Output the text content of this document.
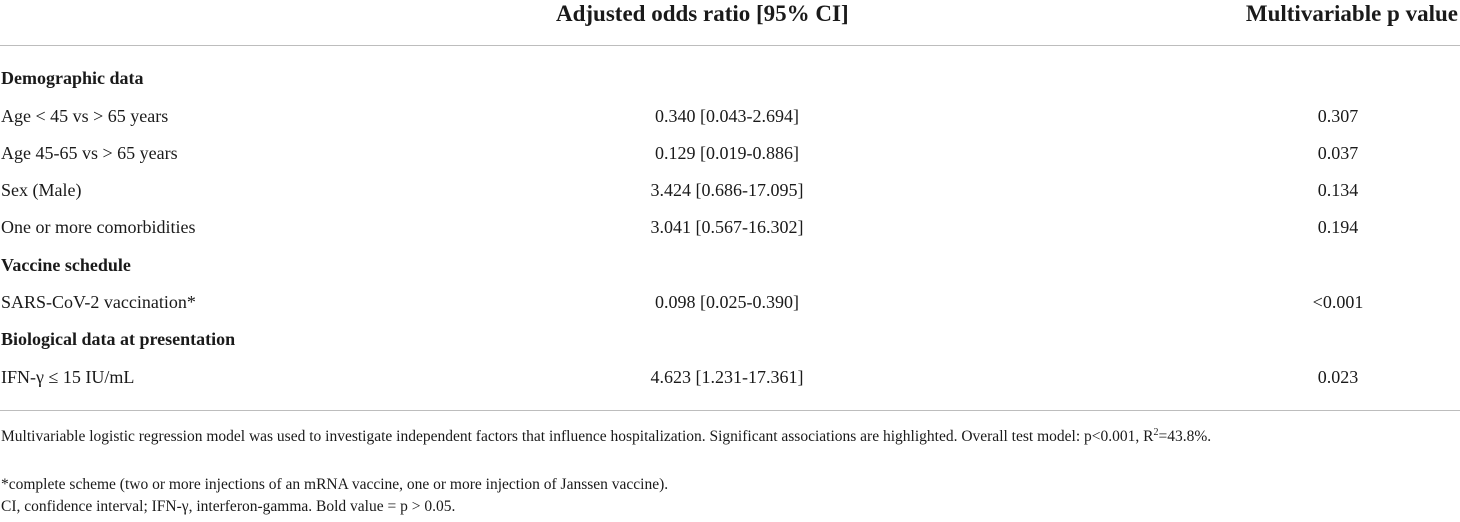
Adjusted odds ratio [95% CI]	Multivariable p value
Demographic data
Age < 45 vs > 65 years	0.340 [0.043-2.694]	0.307
Age 45-65 vs > 65 years	0.129 [0.019-0.886]	0.037
Sex (Male)	3.424 [0.686-17.095]	0.134
One or more comorbidities	3.041 [0.567-16.302]	0.194
Vaccine schedule
SARS-CoV-2 vaccination*	0.098 [0.025-0.390]	<0.001
Biological data at presentation
IFN-γ ≤ 15 IU/mL	4.623 [1.231-17.361]	0.023
Multivariable logistic regression model was used to investigate independent factors that influence hospitalization. Significant associations are highlighted. Overall test model: p<0.001, $R^2=43.8\%$.
*complete scheme (two or more injections of an mRNA vaccine, one or more injection of Janssen vaccine).
CI, confidence interval; IFN-γ, interferon-gamma. Bold value = p > 0.05.
